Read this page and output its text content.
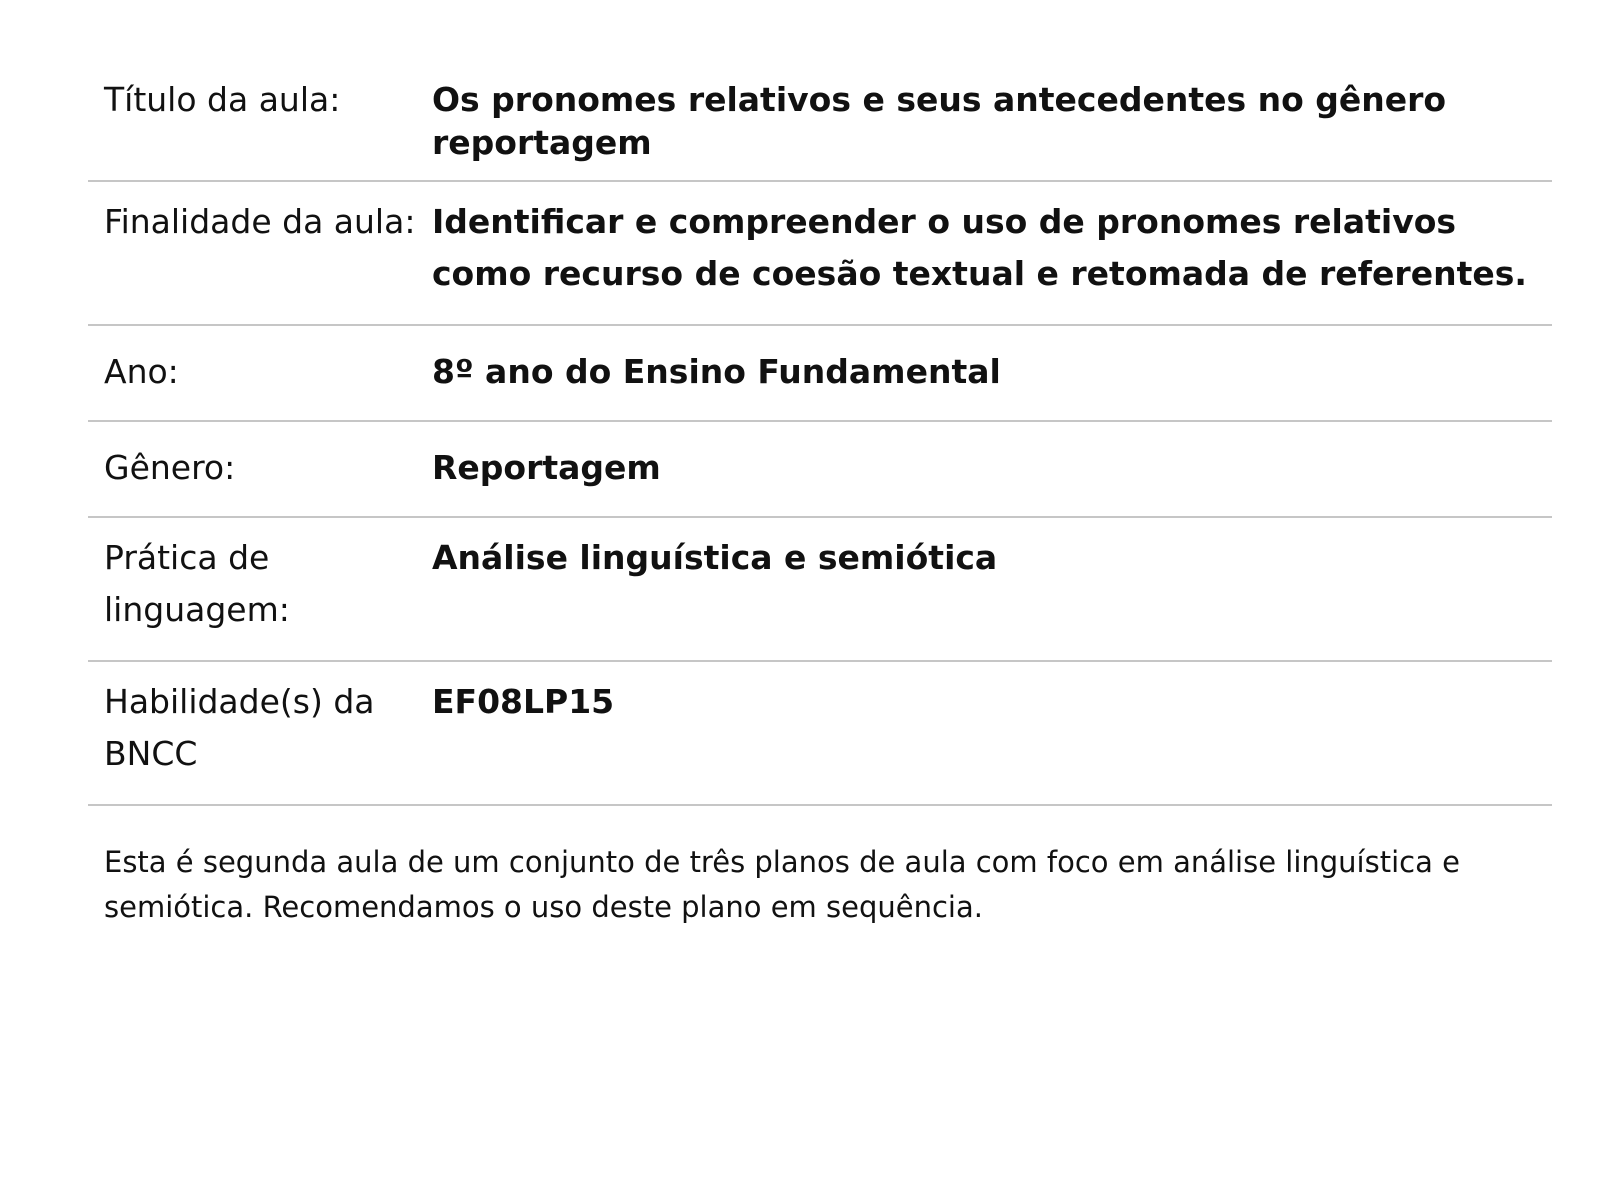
Título da aula:	Os pronomes relativos e seus antecedentes no gênero reportagem
Finalidade da aula:	Identificar e compreender o uso de pronomes relativos como recurso de coesão textual e retomada de referentes.
Ano:	8º ano do Ensino Fundamental
Gênero:	Reportagem
Prática de linguagem:	Análise linguística e semiótica
Habilidade(s) da BNCC	EF08LP15

Esta é segunda aula de um conjunto de três planos de aula com foco em análise linguística e semiótica. Recomendamos o uso deste plano em sequência.
